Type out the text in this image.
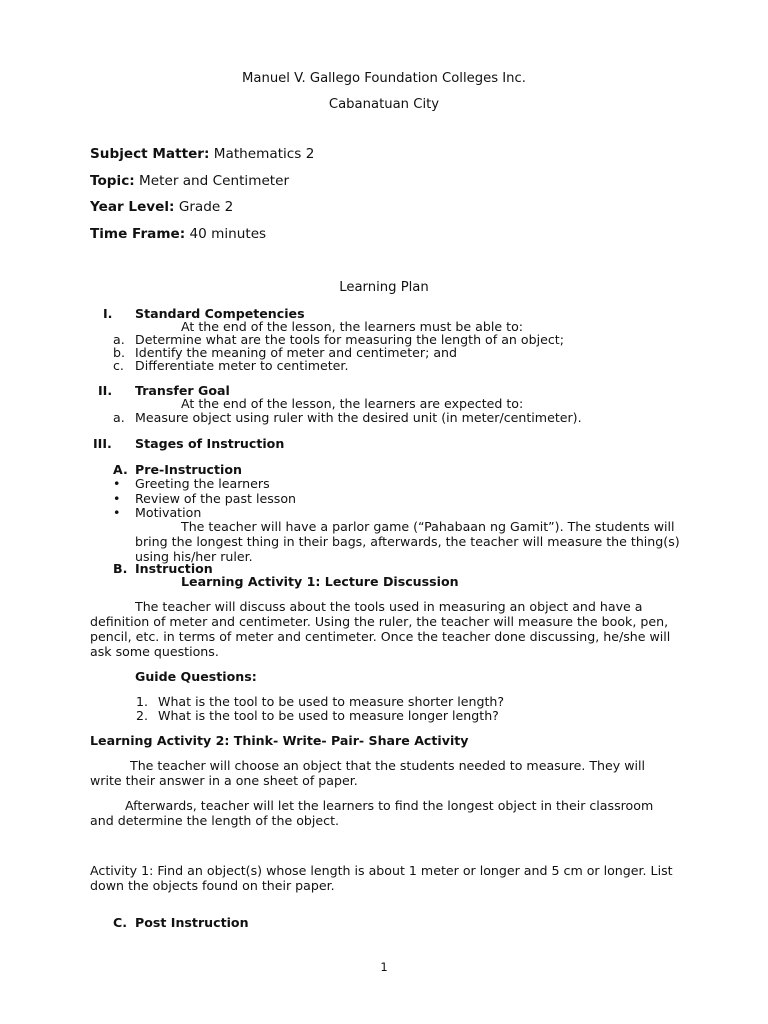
Manuel V. Gallego Foundation Colleges Inc.
Cabanatuan City
Subject Matter: Mathematics 2
Topic: Meter and Centimeter
Year Level: Grade 2
Time Frame: 40 minutes
Learning Plan
I. Standard Competencies
At the end of the lesson, the learners must be able to:
a. Determine what are the tools for measuring the length of an object;
b. Identify the meaning of meter and centimeter; and
c. Differentiate meter to centimeter.
II. Transfer Goal
At the end of the lesson, the learners are expected to:
a. Measure object using ruler with the desired unit (in meter/centimeter).
III. Stages of Instruction
A. Pre-Instruction
• Greeting the learners
• Review of the past lesson
• Motivation
The teacher will have a parlor game (“Pahabaan ng Gamit”). The students will bring the longest thing in their bags, afterwards, the teacher will measure the thing(s) using his/her ruler.
B. Instruction
Learning Activity 1: Lecture Discussion
The teacher will discuss about the tools used in measuring an object and have a definition of meter and centimeter. Using the ruler, the teacher will measure the book, pen, pencil, etc. in terms of meter and centimeter. Once the teacher done discussing, he/she will ask some questions.
Guide Questions:
1. What is the tool to be used to measure shorter length?
2. What is the tool to be used to measure longer length?
Learning Activity 2: Think- Write- Pair- Share Activity
The teacher will choose an object that the students needed to measure. They will write their answer in a one sheet of paper.
Afterwards, teacher will let the learners to find the longest object in their classroom and determine the length of the object.
Activity 1: Find an object(s) whose length is about 1 meter or longer and 5 cm or longer. List down the objects found on their paper.
C. Post Instruction
1
